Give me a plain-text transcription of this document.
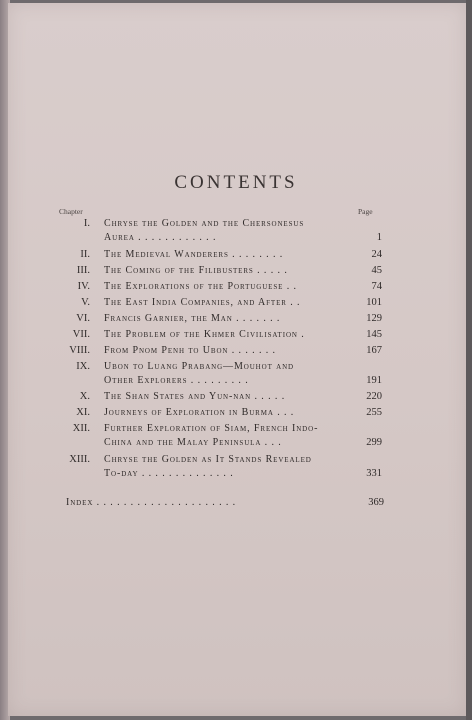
CONTENTS
Chapter	Page
I. Chryse the Golden and the Chersonesus
Aurea . . . . . . . . . . . .	1
II. The Medieval Wanderers . . . . . . . .	24
III. The Coming of the Filibusters . . . . .	45
IV. The Explorations of the Portuguese . .	74
V. The East India Companies, and After . .	101
VI. Francis Garnier, the Man . . . . . . .	129
VII. The Problem of the Khmer Civilisation .	145
VIII. From Pnom Penh to Ubon . . . . . . .	167
IX. Ubon to Luang Prabang—Mouhot and
Other Explorers . . . . . . . . .	191
X. The Shan States and Yun-nan . . . . .	220
XI. Journeys of Exploration in Burma . . .	255
XII. Further Exploration of Siam, French Indo-
China and the Malay Peninsula . . .	299
XIII. Chryse the Golden as It Stands Revealed
To-day . . . . . . . . . . . . . .	331
Index . . . . . . . . . . . . . . . . . . . . .	369
